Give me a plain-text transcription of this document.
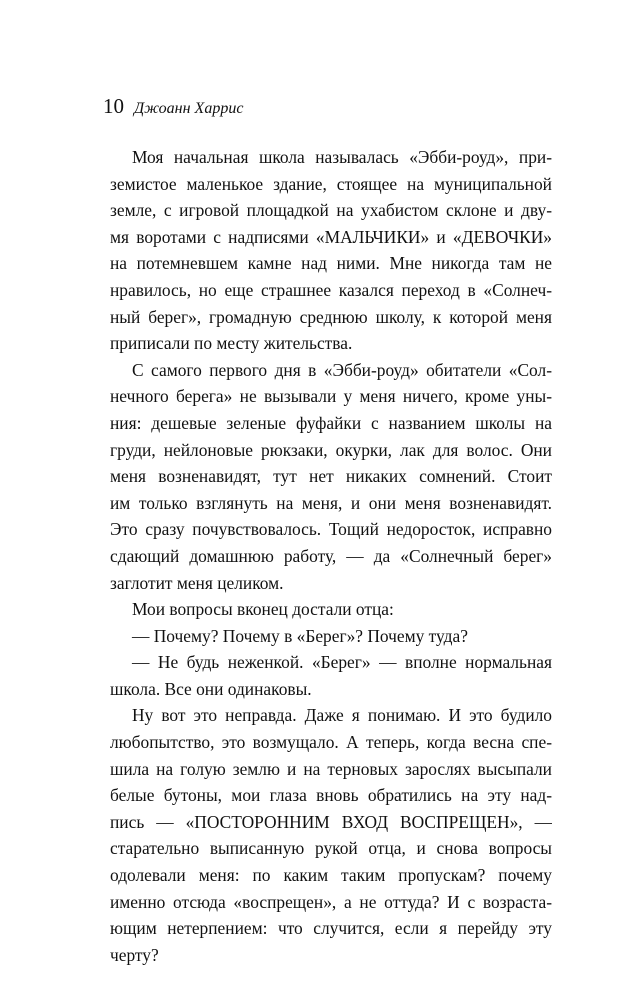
10 Джоанн Харрис
Моя начальная школа называлась «Эбби-роуд», при-
земистое маленькое здание, стоящее на муниципальной
земле, с игровой площадкой на ухабистом склоне и дву-
мя воротами с надписями «МАЛЬЧИКИ» и «ДЕВОЧКИ»
на потемневшем камне над ними. Мне никогда там не
нравилось, но еще страшнее казался переход в «Солнеч-
ный берег», громадную среднюю школу, к которой меня
приписали по месту жительства.
С самого первого дня в «Эбби-роуд» обитатели «Сол-
нечного берега» не вызывали у меня ничего, кроме уны-
ния: дешевые зеленые фуфайки с названием школы на
груди, нейлоновые рюкзаки, окурки, лак для волос. Они
меня возненавидят, тут нет никаких сомнений. Стоит
им только взглянуть на меня, и они меня возненавидят.
Это сразу почувствовалось. Тощий недоросток, исправно
сдающий домашнюю работу, — да «Солнечный берег»
заглотит меня целиком.
Мои вопросы вконец достали отца:
— Почему? Почему в «Берег»? Почему туда?
— Не будь неженкой. «Берег» — вполне нормальная
школа. Все они одинаковы.
Ну вот это неправда. Даже я понимаю. И это будило
любопытство, это возмущало. А теперь, когда весна спе-
шила на голую землю и на терновых зарослях высыпали
белые бутоны, мои глаза вновь обратились на эту над-
пись — «ПОСТОРОННИМ ВХОД ВОСПРЕЩЕН», —
старательно выписанную рукой отца, и снова вопросы
одолевали меня: по каким таким пропускам? почему
именно отсюда «воспрещен», а не оттуда? И с возраста-
ющим нетерпением: что случится, если я перейду эту
черту?
